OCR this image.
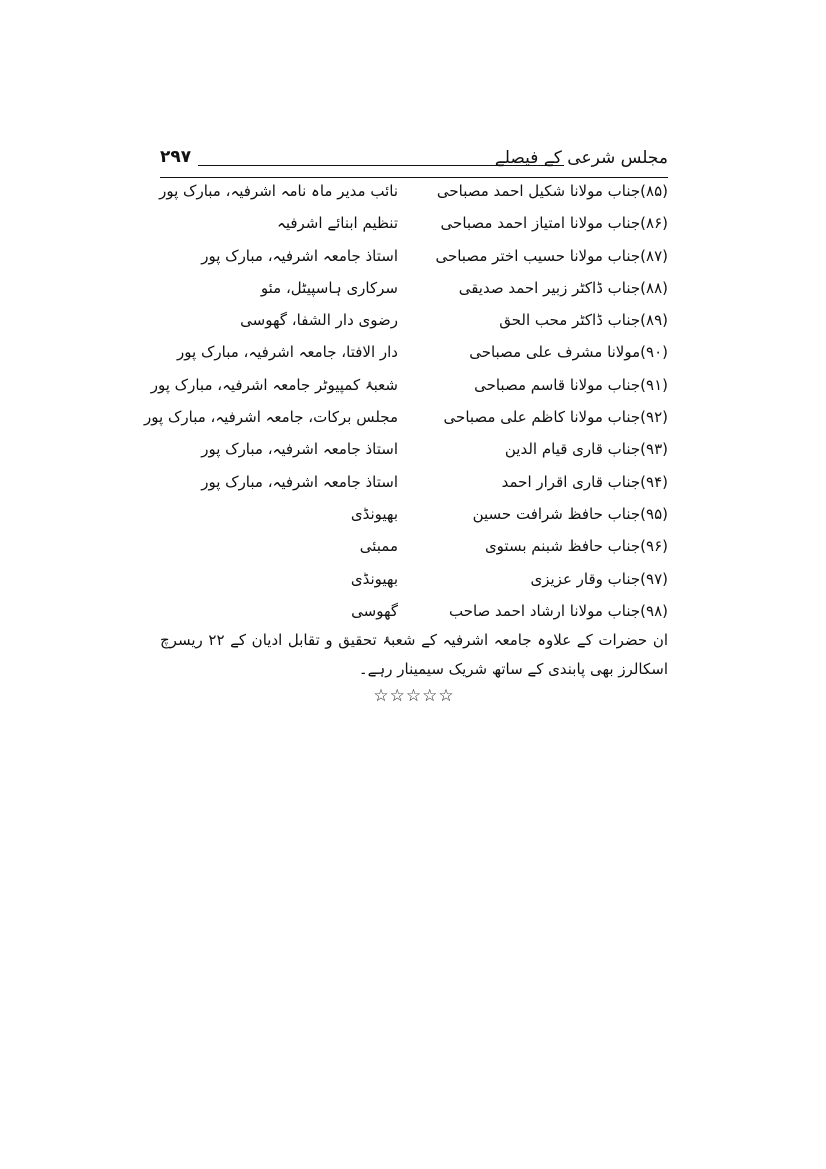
مجلس شرعی کے فیصلے
۲۹۷
(۸۵)جناب مولانا شکیل احمد مصباحی
نائب مدیر ماہ نامہ اشرفیہ، مبارک پور
(۸۶)جناب مولانا امتیاز احمد مصباحی
تنظیم ابنائے اشرفیہ
(۸۷)جناب مولانا حسیب اختر مصباحی
استاذ جامعہ اشرفیہ، مبارک پور
(۸۸)جناب ڈاکٹر زبیر احمد صدیقی
سرکاری ہاسپیٹل، مئو
(۸۹)جناب ڈاکٹر محب الحق
رضوی دار الشفا، گھوسی
(۹۰)مولانا مشرف علی مصباحی
دار الافتا، جامعہ اشرفیہ، مبارک پور
(۹۱)جناب مولانا قاسم مصباحی
شعبۂ کمپیوٹر جامعہ اشرفیہ، مبارک پور
(۹۲)جناب مولانا کاظم علی مصباحی
مجلس برکات، جامعہ اشرفیہ، مبارک پور
(۹۳)جناب قاری قیام الدین
استاذ جامعہ اشرفیہ، مبارک پور
(۹۴)جناب قاری اقرار احمد
استاذ جامعہ اشرفیہ، مبارک پور
(۹۵)جناب حافظ شرافت حسین
بھیونڈی
(۹۶)جناب حافظ شبنم بستوی
ممبئی
(۹۷)جناب وقار عزیزی
بھیونڈی
(۹۸)جناب مولانا ارشاد احمد صاحب
گھوسی
ان حضرات کے علاوہ جامعہ اشرفیہ کے شعبۂ تحقیق و تقابل ادیان کے ۲۲ ریسرچ اسکالرز بھی پابندی کے ساتھ شریک سیمینار رہے۔
☆☆☆☆☆
